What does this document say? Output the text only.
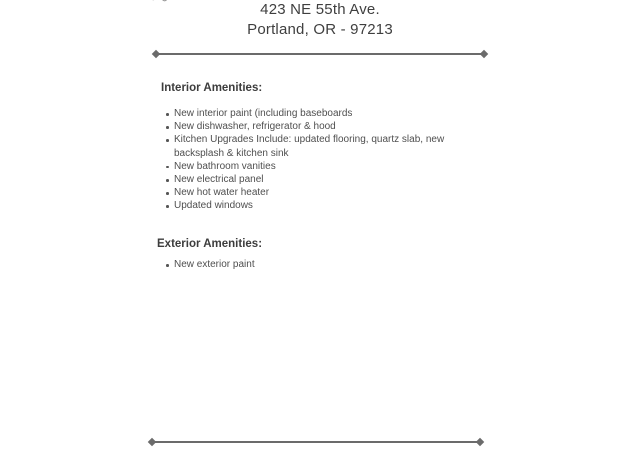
423 NE 55th Ave.
Portland, OR - 97213
Interior Amenities:
New interior paint (including baseboards
New dishwasher, refrigerator & hood
Kitchen Upgrades Include: updated flooring, quartz slab, new backsplash & kitchen sink
New bathroom vanities
New electrical panel
New hot water heater
Updated windows
Exterior Amenities:
New exterior paint
